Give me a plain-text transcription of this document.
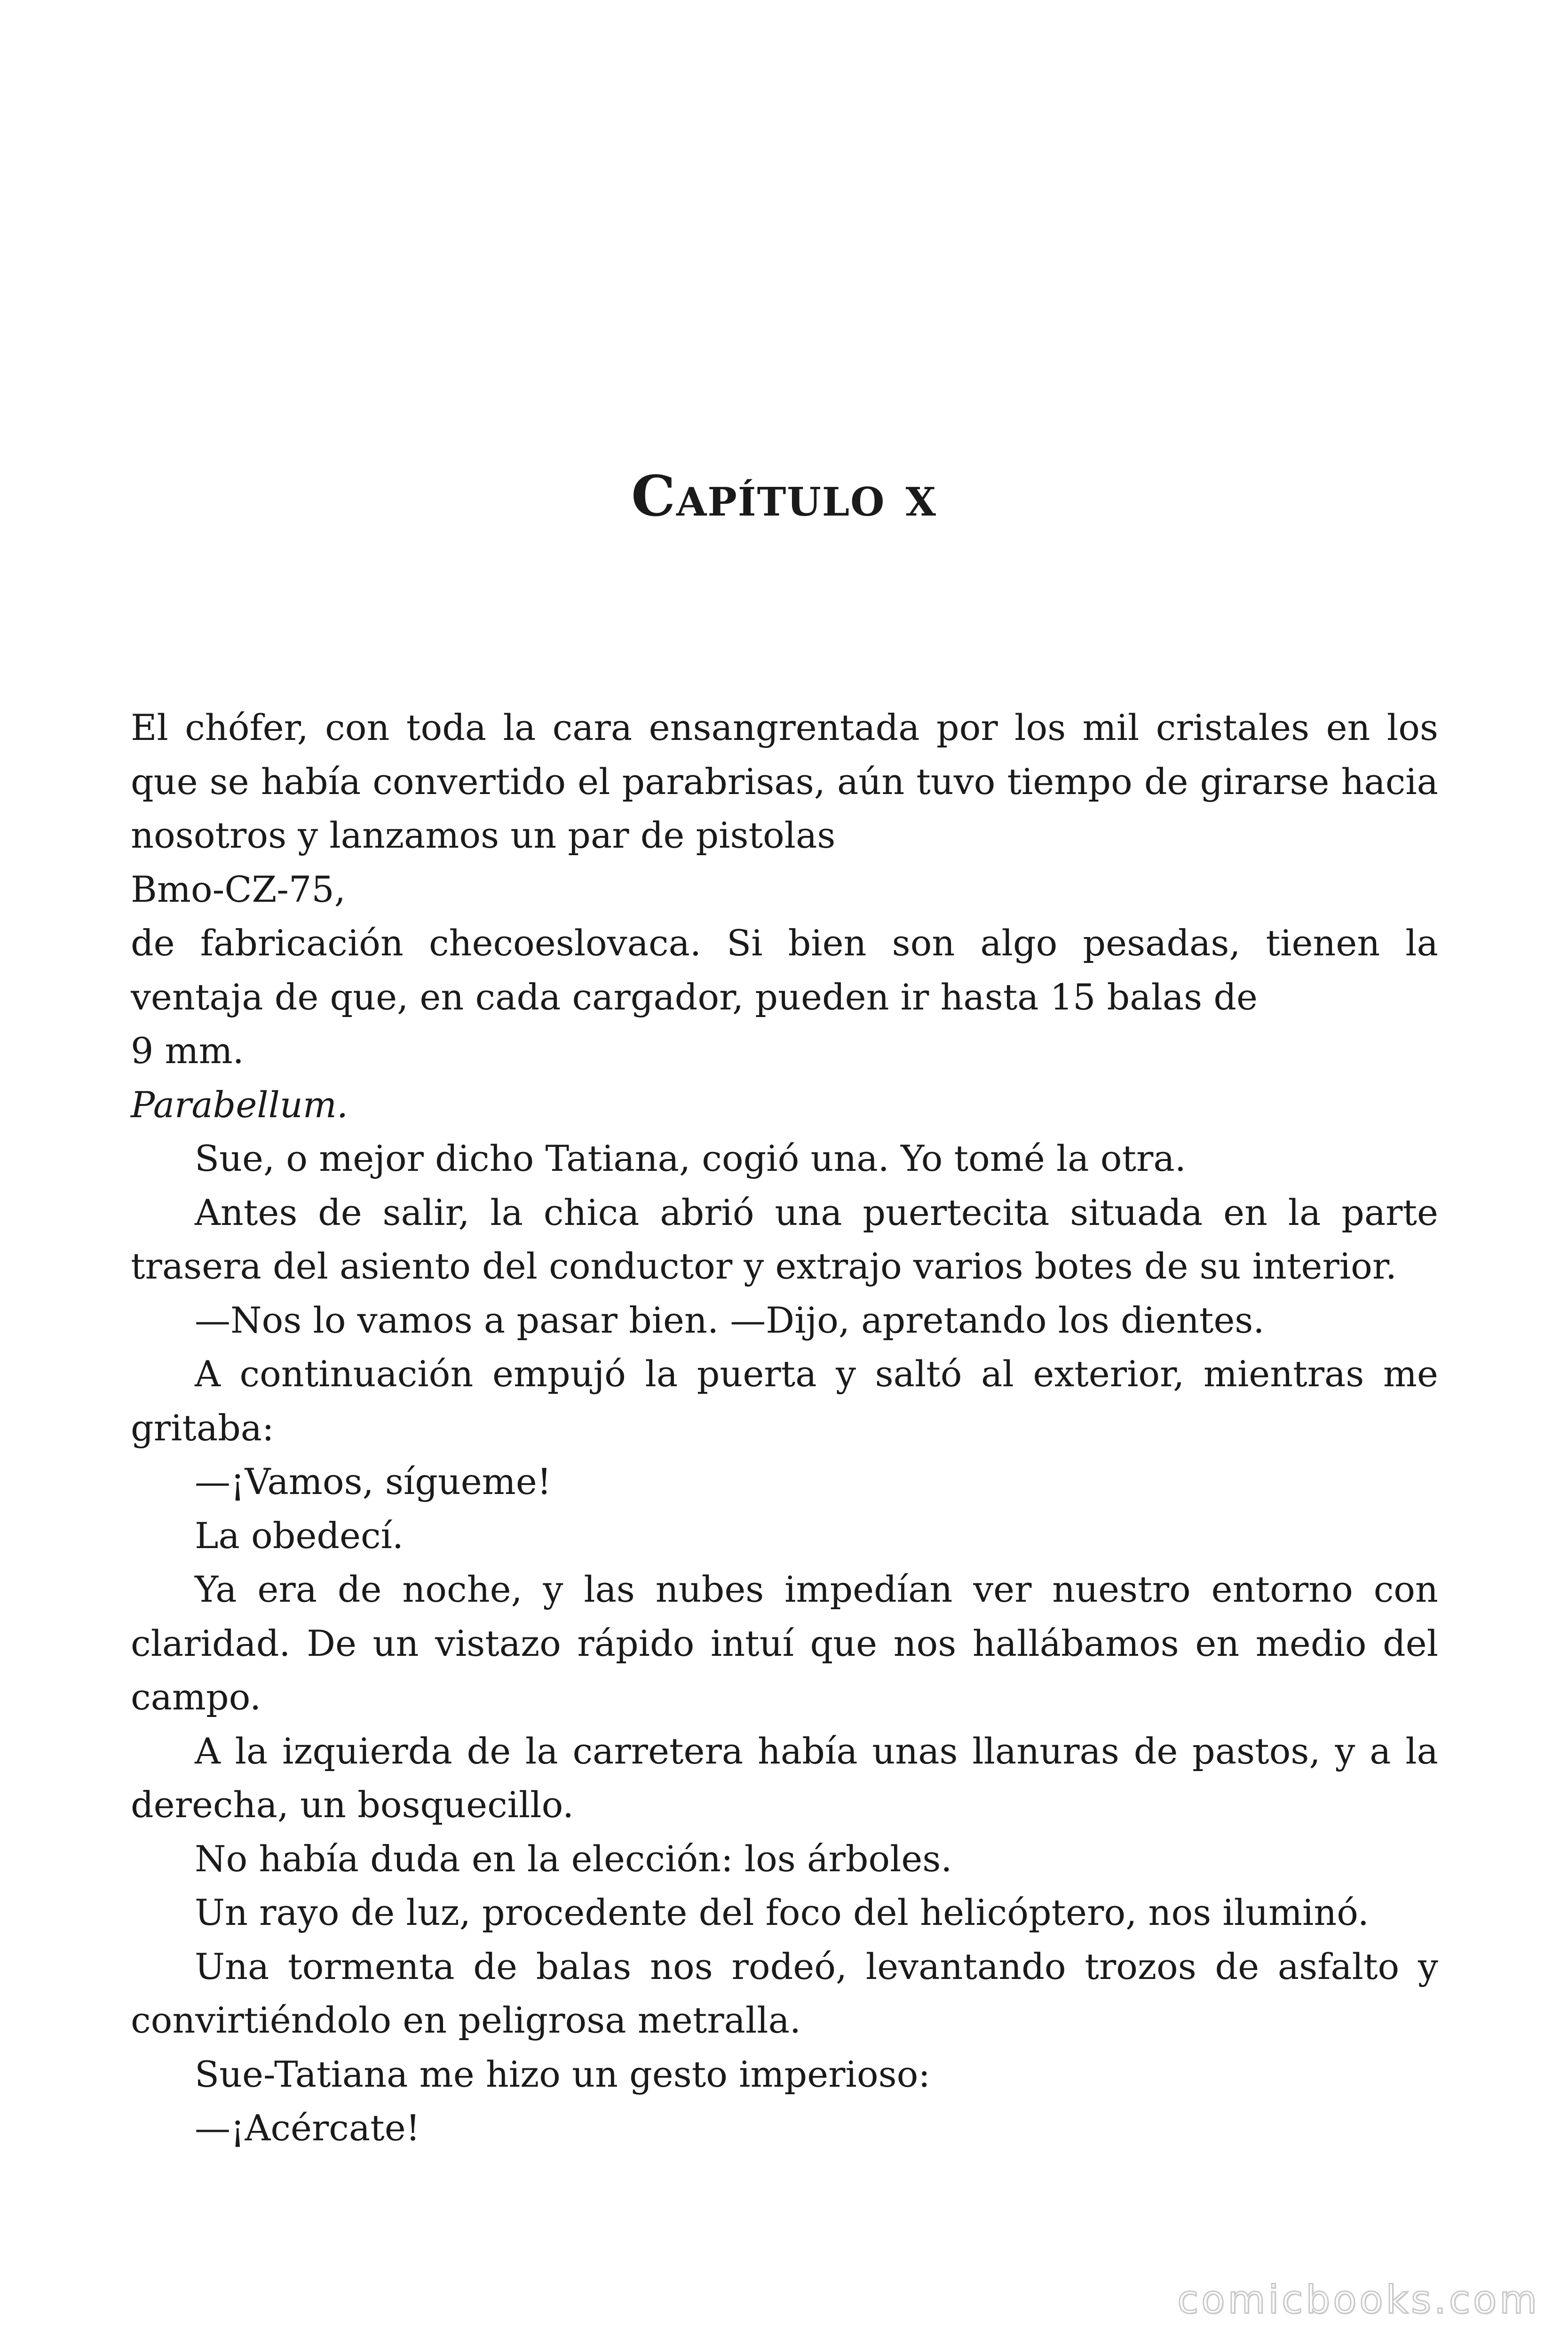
Capítulo x

El chófer, con toda la cara ensangrentada por los mil cristales en los que se había convertido el parabrisas, aún tuvo tiempo de girarse hacia nosotros y lanzamos un par de pistolas

Bmo-CZ-75,

de fabricación checoeslovaca. Si bien son algo pesadas, tienen la ventaja de que, en cada cargador, pueden ir hasta 15 balas de

9 mm.

Parabellum.

Sue, o mejor dicho Tatiana, cogió una. Yo tomé la otra.

Antes de salir, la chica abrió una puertecita situada en la parte trasera del asiento del conductor y extrajo varios botes de su interior.

—Nos lo vamos a pasar bien. —Dijo, apretando los dientes.

A continuación empujó la puerta y saltó al exterior, mientras me gritaba:

—¡Vamos, sígueme!

La obedecí.

Ya era de noche, y las nubes impedían ver nuestro entorno con claridad. De un vistazo rápido intuí que nos hallábamos en medio del campo.

A la izquierda de la carretera había unas llanuras de pastos, y a la derecha, un bosquecillo.

No había duda en la elección: los árboles.

Un rayo de luz, procedente del foco del helicóptero, nos iluminó.

Una tormenta de balas nos rodeó, levantando trozos de asfalto y convirtiéndolo en peligrosa metralla.

Sue-Tatiana me hizo un gesto imperioso:

—¡Acércate!

comicbooks.com
